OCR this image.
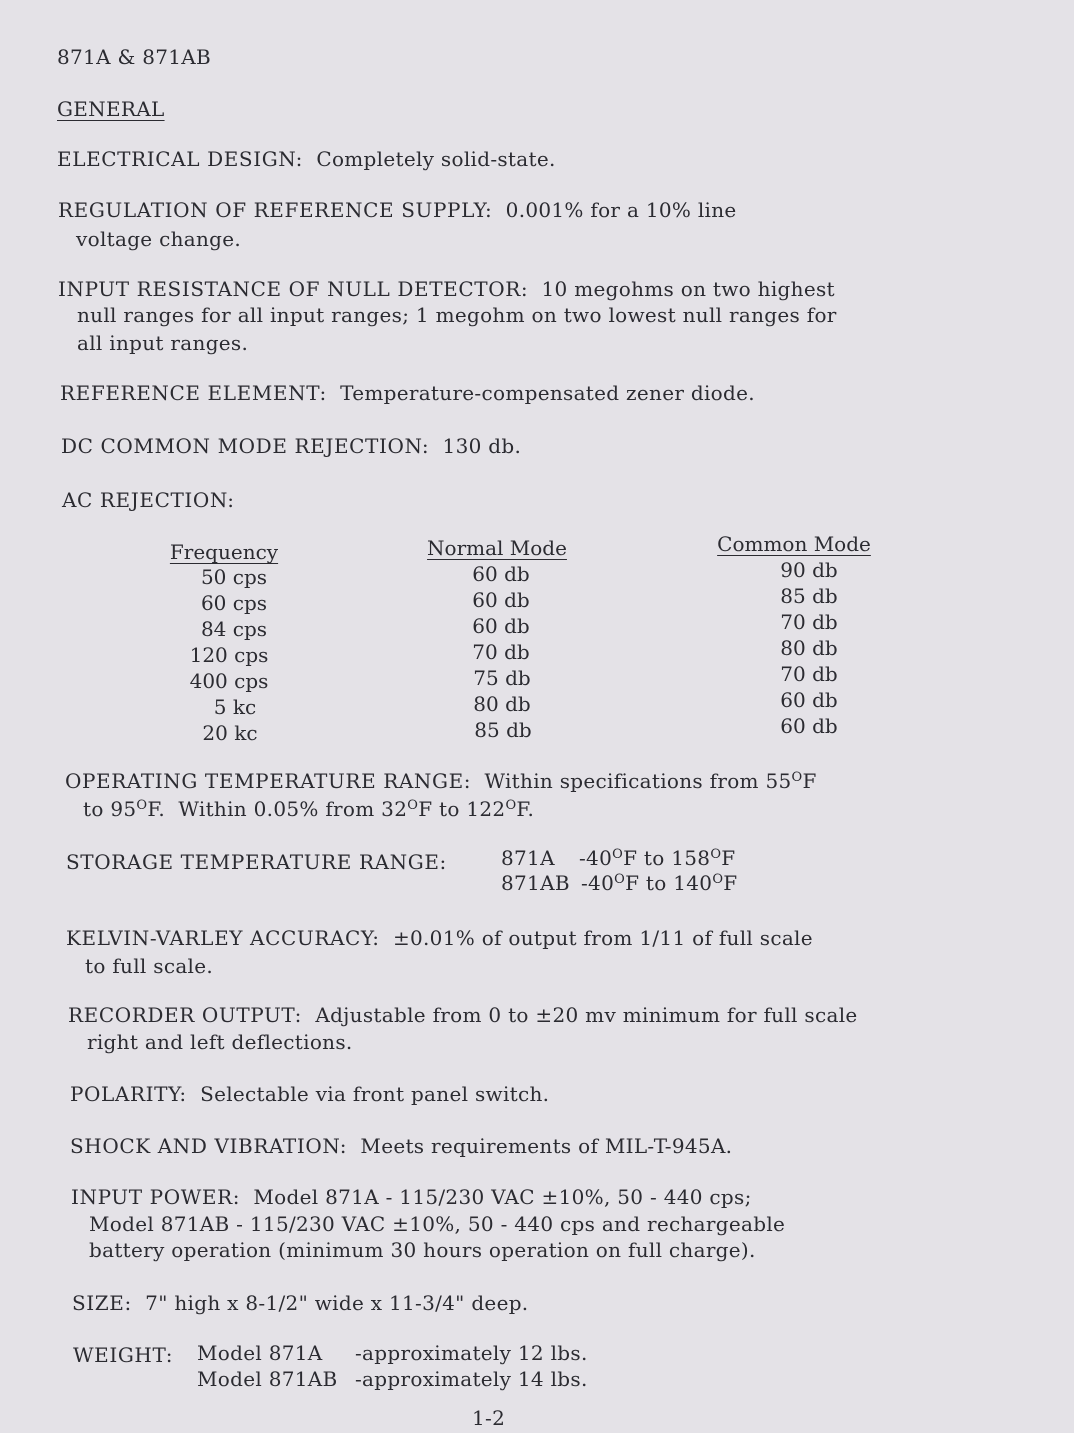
871A & 871AB
GENERAL
ELECTRICAL DESIGN: Completely solid-state.
REGULATION OF REFERENCE SUPPLY: 0.001% for a 10% line
voltage change.
INPUT RESISTANCE OF NULL DETECTOR: 10 megohms on two highest
null ranges for all input ranges; 1 megohm on two lowest null ranges for
all input ranges.
REFERENCE ELEMENT: Temperature-compensated zener diode.
DC COMMON MODE REJECTION: 130 db.
AC REJECTION:
Frequency	Normal Mode	Common Mode
50 cps	60 db	90 db
60 cps	60 db	85 db
84 cps	60 db	70 db
120 cps	70 db	80 db
400 cps	75 db	70 db
5 kc	80 db	60 db
20 kc	85 db	60 db
OPERATING TEMPERATURE RANGE: Within specifications from $55^OF$
to $95^OF$.  Within 0.05% from $32^OF$ to $122^OF$.
STORAGE TEMPERATURE RANGE:	871A $-40^OF$ to $158^OF$
871AB $-40^OF$ to $140^OF$
KELVIN-VARLEY ACCURACY: ±0.01% of output from 1/11 of full scale
to full scale.
RECORDER OUTPUT: Adjustable from 0 to ±20 mv minimum for full scale
right and left deflections.
POLARITY: Selectable via front panel switch.
SHOCK AND VIBRATION: Meets requirements of MIL-T-945A.
INPUT POWER: Model 871A - 115/230 VAC ±10%, 50 - 440 cps;
Model 871AB - 115/230 VAC ±10%, 50 - 440 cps and rechargeable
battery operation (minimum 30 hours operation on full charge).
SIZE: 7" high x 8-1/2" wide x 11-3/4" deep.
WEIGHT: Model 871A -approximately 12 lbs.
Model 871AB -approximately 14 lbs.
1-2
